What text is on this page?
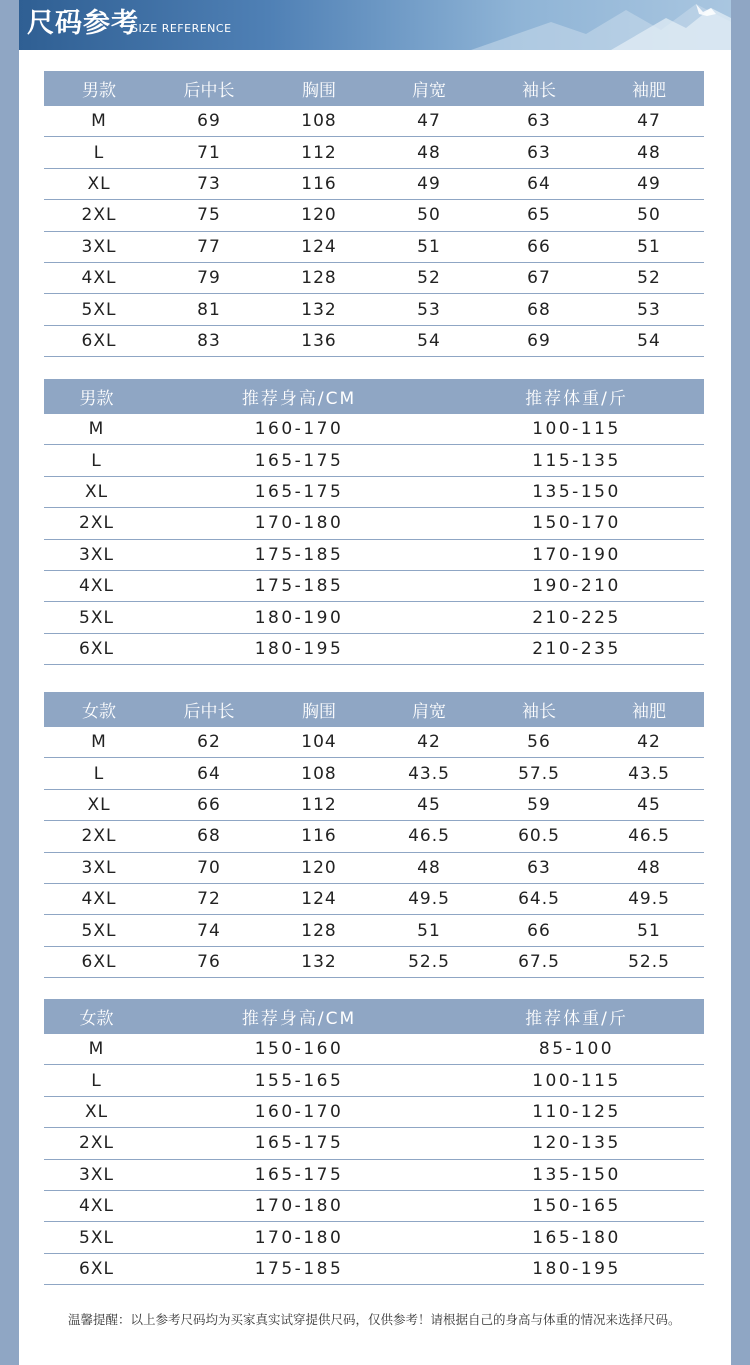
尺码参考
SIZE REFERENCE
男款	后中长	胸围	肩宽	袖长	袖肥
M	69	108	47	63	47
L	71	112	48	63	48
XL	73	116	49	64	49
2XL	75	120	50	65	50
3XL	77	124	51	66	51
4XL	79	128	52	67	52
5XL	81	132	53	68	53
6XL	83	136	54	69	54
男款	推荐身高/CM	推荐体重/斤
M	160-170	100-115
L	165-175	115-135
XL	165-175	135-150
2XL	170-180	150-170
3XL	175-185	170-190
4XL	175-185	190-210
5XL	180-190	210-225
6XL	180-195	210-235
女款	后中长	胸围	肩宽	袖长	袖肥
M	62	104	42	56	42
L	64	108	43.5	57.5	43.5
XL	66	112	45	59	45
2XL	68	116	46.5	60.5	46.5
3XL	70	120	48	63	48
4XL	72	124	49.5	64.5	49.5
5XL	74	128	51	66	51
6XL	76	132	52.5	67.5	52.5
女款	推荐身高/CM	推荐体重/斤
M	150-160	85-100
L	155-165	100-115
XL	160-170	110-125
2XL	165-175	120-135
3XL	165-175	135-150
4XL	170-180	150-165
5XL	170-180	165-180
6XL	175-185	180-195
温馨提醒：以上参考尺码均为买家真实试穿提供尺码，仅供参考！请根据自己的身高与体重的情况来选择尺码。
